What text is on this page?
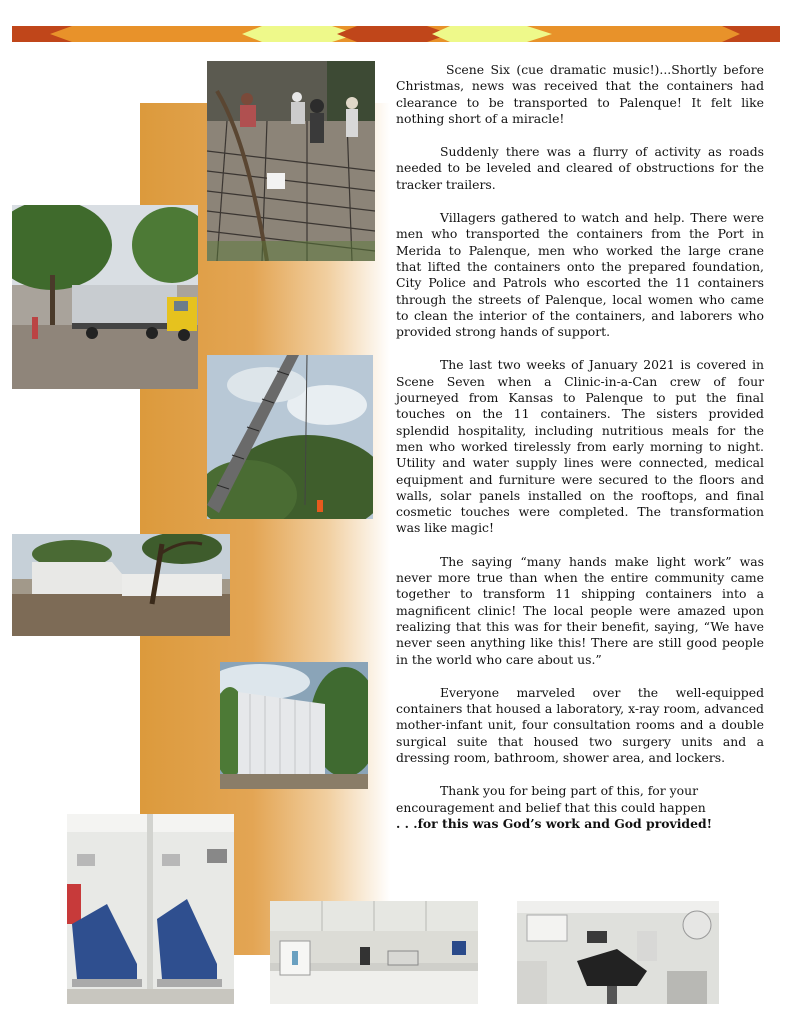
Scene Six (cue dramatic music!)...Shortly before Christmas, news was received that the containers had clearance to be transported to Palenque! It felt like nothing short of a miracle!

Suddenly there was a flurry of activity as roads needed to be leveled and cleared of obstructions for the tracker trailers.

Villagers gathered to watch and help. There were men who transported the containers from the Port in Merida to Palenque, men who worked the large crane that lifted the containers onto the prepared foundation, City Police and Patrols who escorted the 11 containers through the streets of Palenque, local women who came to clean the interior of the containers, and laborers who provided strong hands of support.

The last two weeks of January 2021 is covered in Scene Seven when a Clinic-in-a-Can crew of four journeyed from Kansas to Palenque to put the final touches on the 11 containers. The sisters provided splendid hospitality, including nutritious meals for the men who worked tirelessly from early morning to night. Utility and water supply lines were connected, medical equipment and furniture were secured to the floors and walls, solar panels installed on the rooftops, and final cosmetic touches were completed. The transformation was like magic!

The saying “many hands make light work” was never more true than when the entire community came together to transform 11 shipping containers into a magnificent clinic! The local people were amazed upon realizing that this was for their benefit, saying, “We have never seen anything like this! There are still good people in the world who care about us.”

Everyone marveled over the well-equipped containers that housed a laboratory, x-ray room, advanced mother-infant unit, four consultation rooms and a double surgical suite that housed two surgery units and a dressing room, bathroom, shower area, and lockers.

Thank you for being part of this, for your encouragement and belief that this could happen
. . .for this was God’s work and God provided!
